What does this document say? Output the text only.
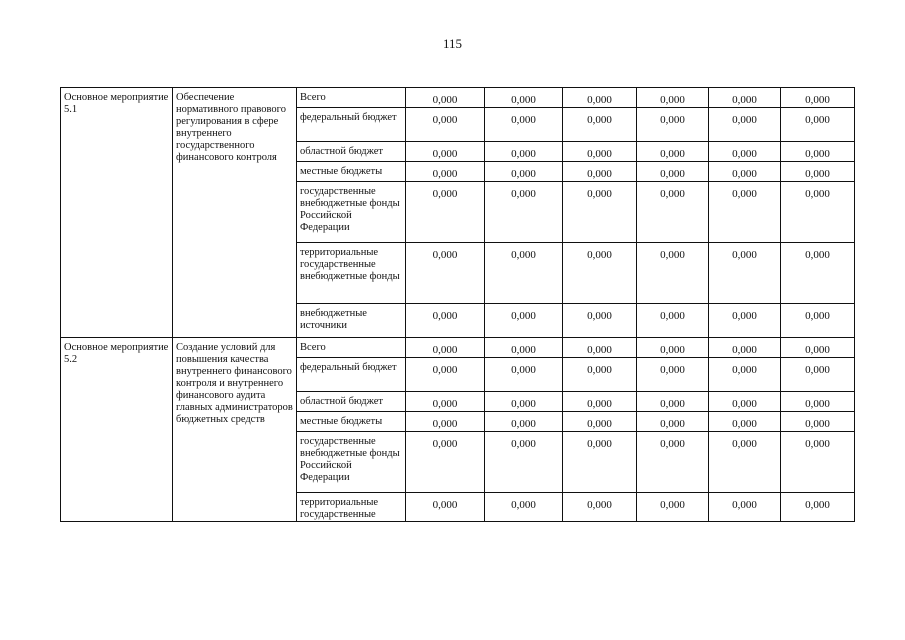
115
Основное мероприятие 5.1	Обеспечение нормативного правового регулирования в сфере внутреннего государственного финансового контроля	Всего	0,000	0,000	0,000	0,000	0,000	0,000
		федеральный бюджет	0,000	0,000	0,000	0,000	0,000	0,000
		областной бюджет	0,000	0,000	0,000	0,000	0,000	0,000
		местные бюджеты	0,000	0,000	0,000	0,000	0,000	0,000
		государственные внебюджетные фонды Российской Федерации	0,000	0,000	0,000	0,000	0,000	0,000
		территориальные государственные внебюджетные фонды	0,000	0,000	0,000	0,000	0,000	0,000
		внебюджетные источники	0,000	0,000	0,000	0,000	0,000	0,000
Основное мероприятие 5.2	Создание условий для повышения качества внутреннего финансового контроля и внутреннего финансового аудита главных администраторов бюджетных средств	Всего	0,000	0,000	0,000	0,000	0,000	0,000
		федеральный бюджет	0,000	0,000	0,000	0,000	0,000	0,000
		областной бюджет	0,000	0,000	0,000	0,000	0,000	0,000
		местные бюджеты	0,000	0,000	0,000	0,000	0,000	0,000
		государственные внебюджетные фонды Российской Федерации	0,000	0,000	0,000	0,000	0,000	0,000
		территориальные государственные	0,000	0,000	0,000	0,000	0,000	0,000
